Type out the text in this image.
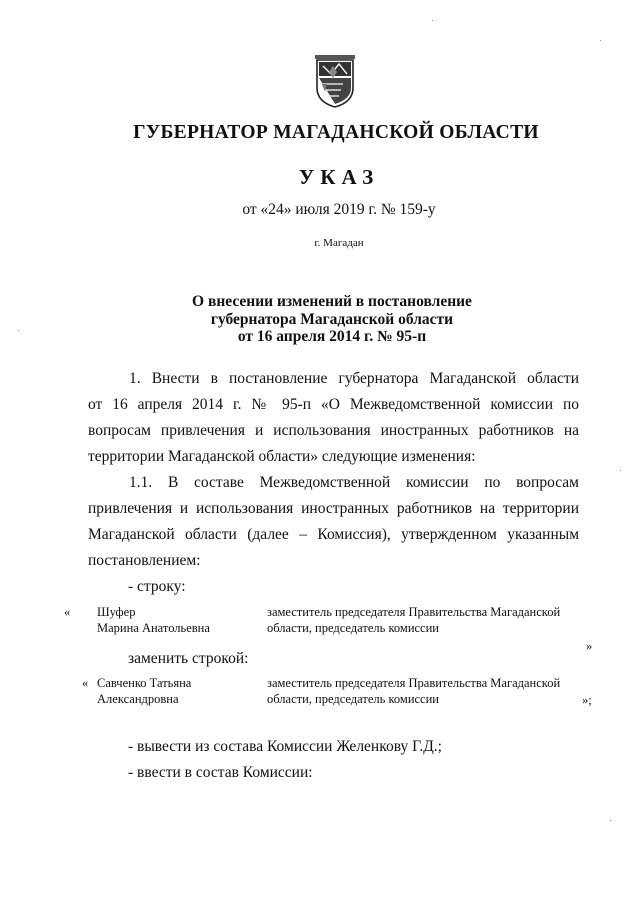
ГУБЕРНАТОР МАГАДАНСКОЙ ОБЛАСТИ
УКАЗ
от «24» июля 2019 г. № 159-у
г. Магадан
О внесении изменений в постановление
губернатора Магаданской области
от 16 апреля 2014 г. № 95-п
1. Внести в постановление губернатора Магаданской области
от 16 апреля 2014 г. № 95-п «О Межведомственной комиссии по
вопросам привлечения и использования иностранных работников на
территории Магаданской области» следующие изменения:
1.1. В составе Межведомственной комиссии по вопросам
привлечения и использования иностранных работников на территории
Магаданской области (далее – Комиссия), утвержденном указанным
постановлением:
- строку:
« Шуфер
Марина Анатольевна
заместитель председателя Правительства Магаданской
области, председатель комиссии
»
заменить строкой:
« Савченко Татьяна
Александровна
заместитель председателя Правительства Магаданской
области, председатель комиссии	»;
- вывести из состава Комиссии Желенкову Г.Д.;
- ввести в состав Комиссии:
